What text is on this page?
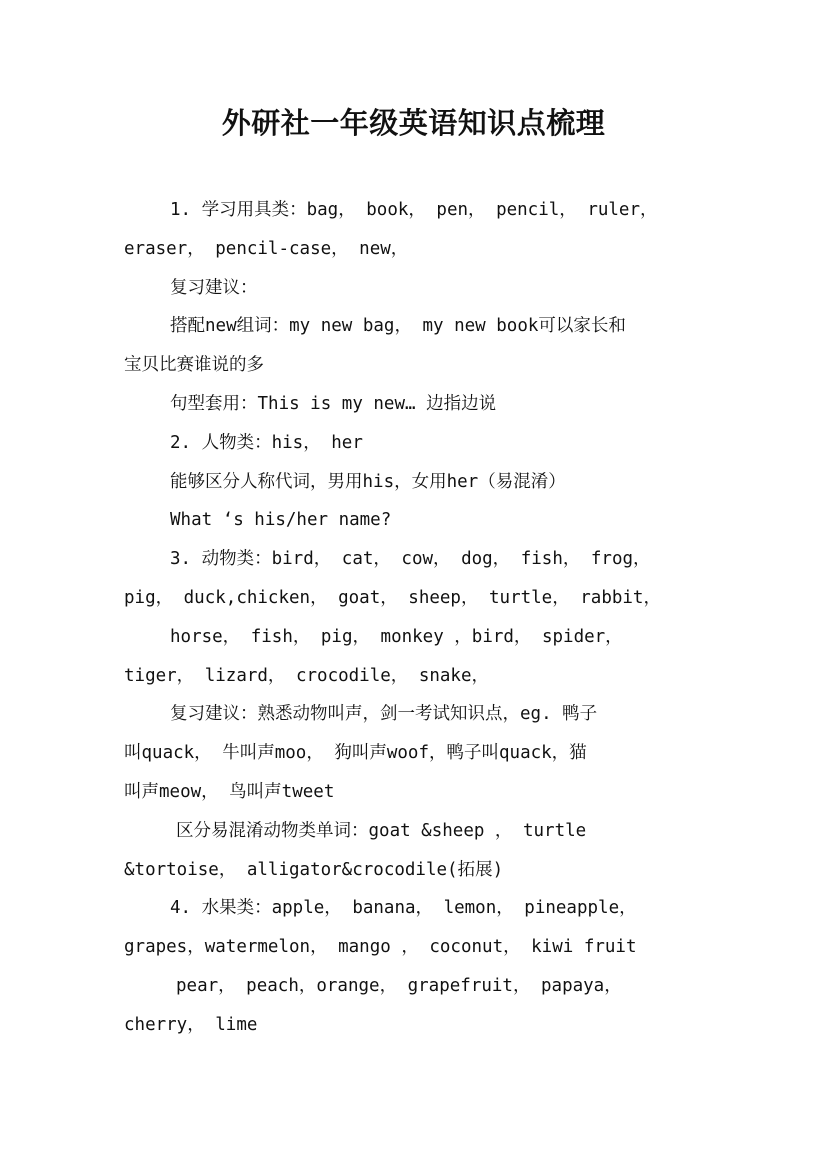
外研社一年级英语知识点梳理

1. 学习用具类：bag， book， pen， pencil， ruler，

eraser， pencil-case， new，

复习建议：

搭配new组词：my new bag， my new book可以家长和

宝贝比赛谁说的多

句型套用：This is my new… 边指边说

2. 人物类：his， her

能够区分人称代词，男用his，女用her（易混淆）

What ‘s his/her name?

3. 动物类：bird， cat， cow， dog， fish， frog，

pig， duck,chicken， goat， sheep， turtle， rabbit，

horse， fish， pig， monkey ，bird， spider，

tiger， lizard， crocodile， snake，

复习建议：熟悉动物叫声，剑一考试知识点，eg. 鸭子

叫quack， 牛叫声moo， 狗叫声woof，鸭子叫quack，猫

叫声meow， 鸟叫声tweet

区分易混淆动物类单词：goat &sheep ， turtle

&tortoise， alligator&crocodile(拓展)

4. 水果类：apple， banana， lemon， pineapple，

grapes，watermelon， mango ， coconut， kiwi fruit

pear， peach，orange， grapefruit， papaya，

cherry， lime
